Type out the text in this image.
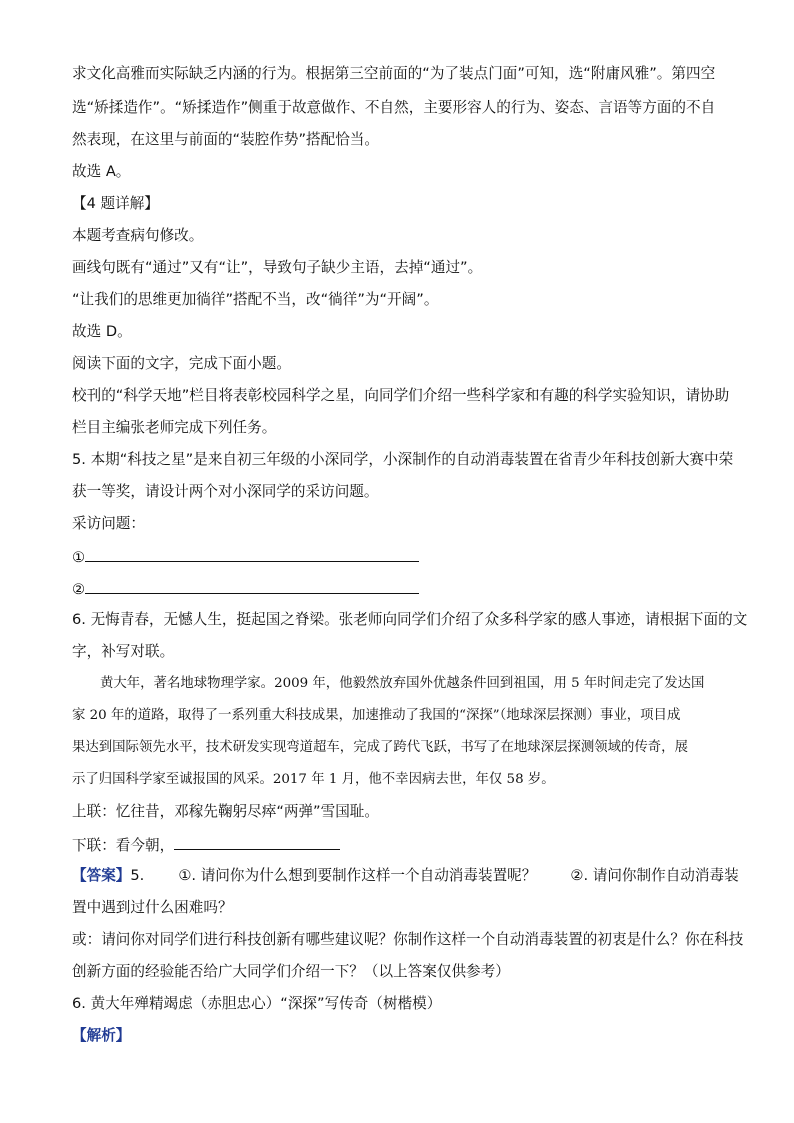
求文化高雅而实际缺乏内涵的行为。根据第三空前面的“为了装点门面”可知，选“附庸风雅”。第四空
选“矫揉造作”。“矫揉造作”侧重于故意做作、不自然，主要形容人的行为、姿态、言语等方面的不自
然表现，在这里与前面的“装腔作势”搭配恰当。
故选 A。
【4 题详解】
本题考查病句修改。
画线句既有“通过”又有“让”，导致句子缺少主语，去掉“通过”。
“让我们的思维更加徜徉”搭配不当，改“徜徉”为“开阔”。
故选 D。
阅读下面的文字，完成下面小题。
校刊的“科学天地”栏目将表彰校园科学之星，向同学们介绍一些科学家和有趣的科学实验知识，请协助
栏目主编张老师完成下列任务。
5. 本期“科技之星”是来自初三年级的小深同学，小深制作的自动消毒装置在省青少年科技创新大赛中荣
获一等奖，请设计两个对小深同学的采访问题。
采访问题：
①
②
6. 无悔青春，无憾人生，挺起国之脊梁。张老师向同学们介绍了众多科学家的感人事迹，请根据下面的文
字，补写对联。
黄大年，著名地球物理学家。2009 年，他毅然放弃国外优越条件回到祖国，用 5 年时间走完了发达国
家 20 年的道路，取得了一系列重大科技成果，加速推动了我国的“深探”（地球深层探测）事业，项目成
果达到国际领先水平，技术研发实现弯道超车，完成了跨代飞跃，书写了在地球深层探测领域的传奇，展
示了归国科学家至诚报国的风采。2017 年 1 月，他不幸因病去世，年仅 58 岁。
上联：忆往昔，邓稼先鞠躬尽瘁“两弹”雪国耻。
下联：看今朝，
【答案】5. ①. 请问你为什么想到要制作这样一个自动消毒装置呢？ ②. 请问你制作自动消毒装
置中遇到过什么困难吗？
或：请问你对同学们进行科技创新有哪些建议呢？你制作这样一个自动消毒装置的初衷是什么？你在科技
创新方面的经验能否给广大同学们介绍一下？（以上答案仅供参考）
6. 黄大年殚精竭虑（赤胆忠心）“深探”写传奇（树楷模）
【解析】
